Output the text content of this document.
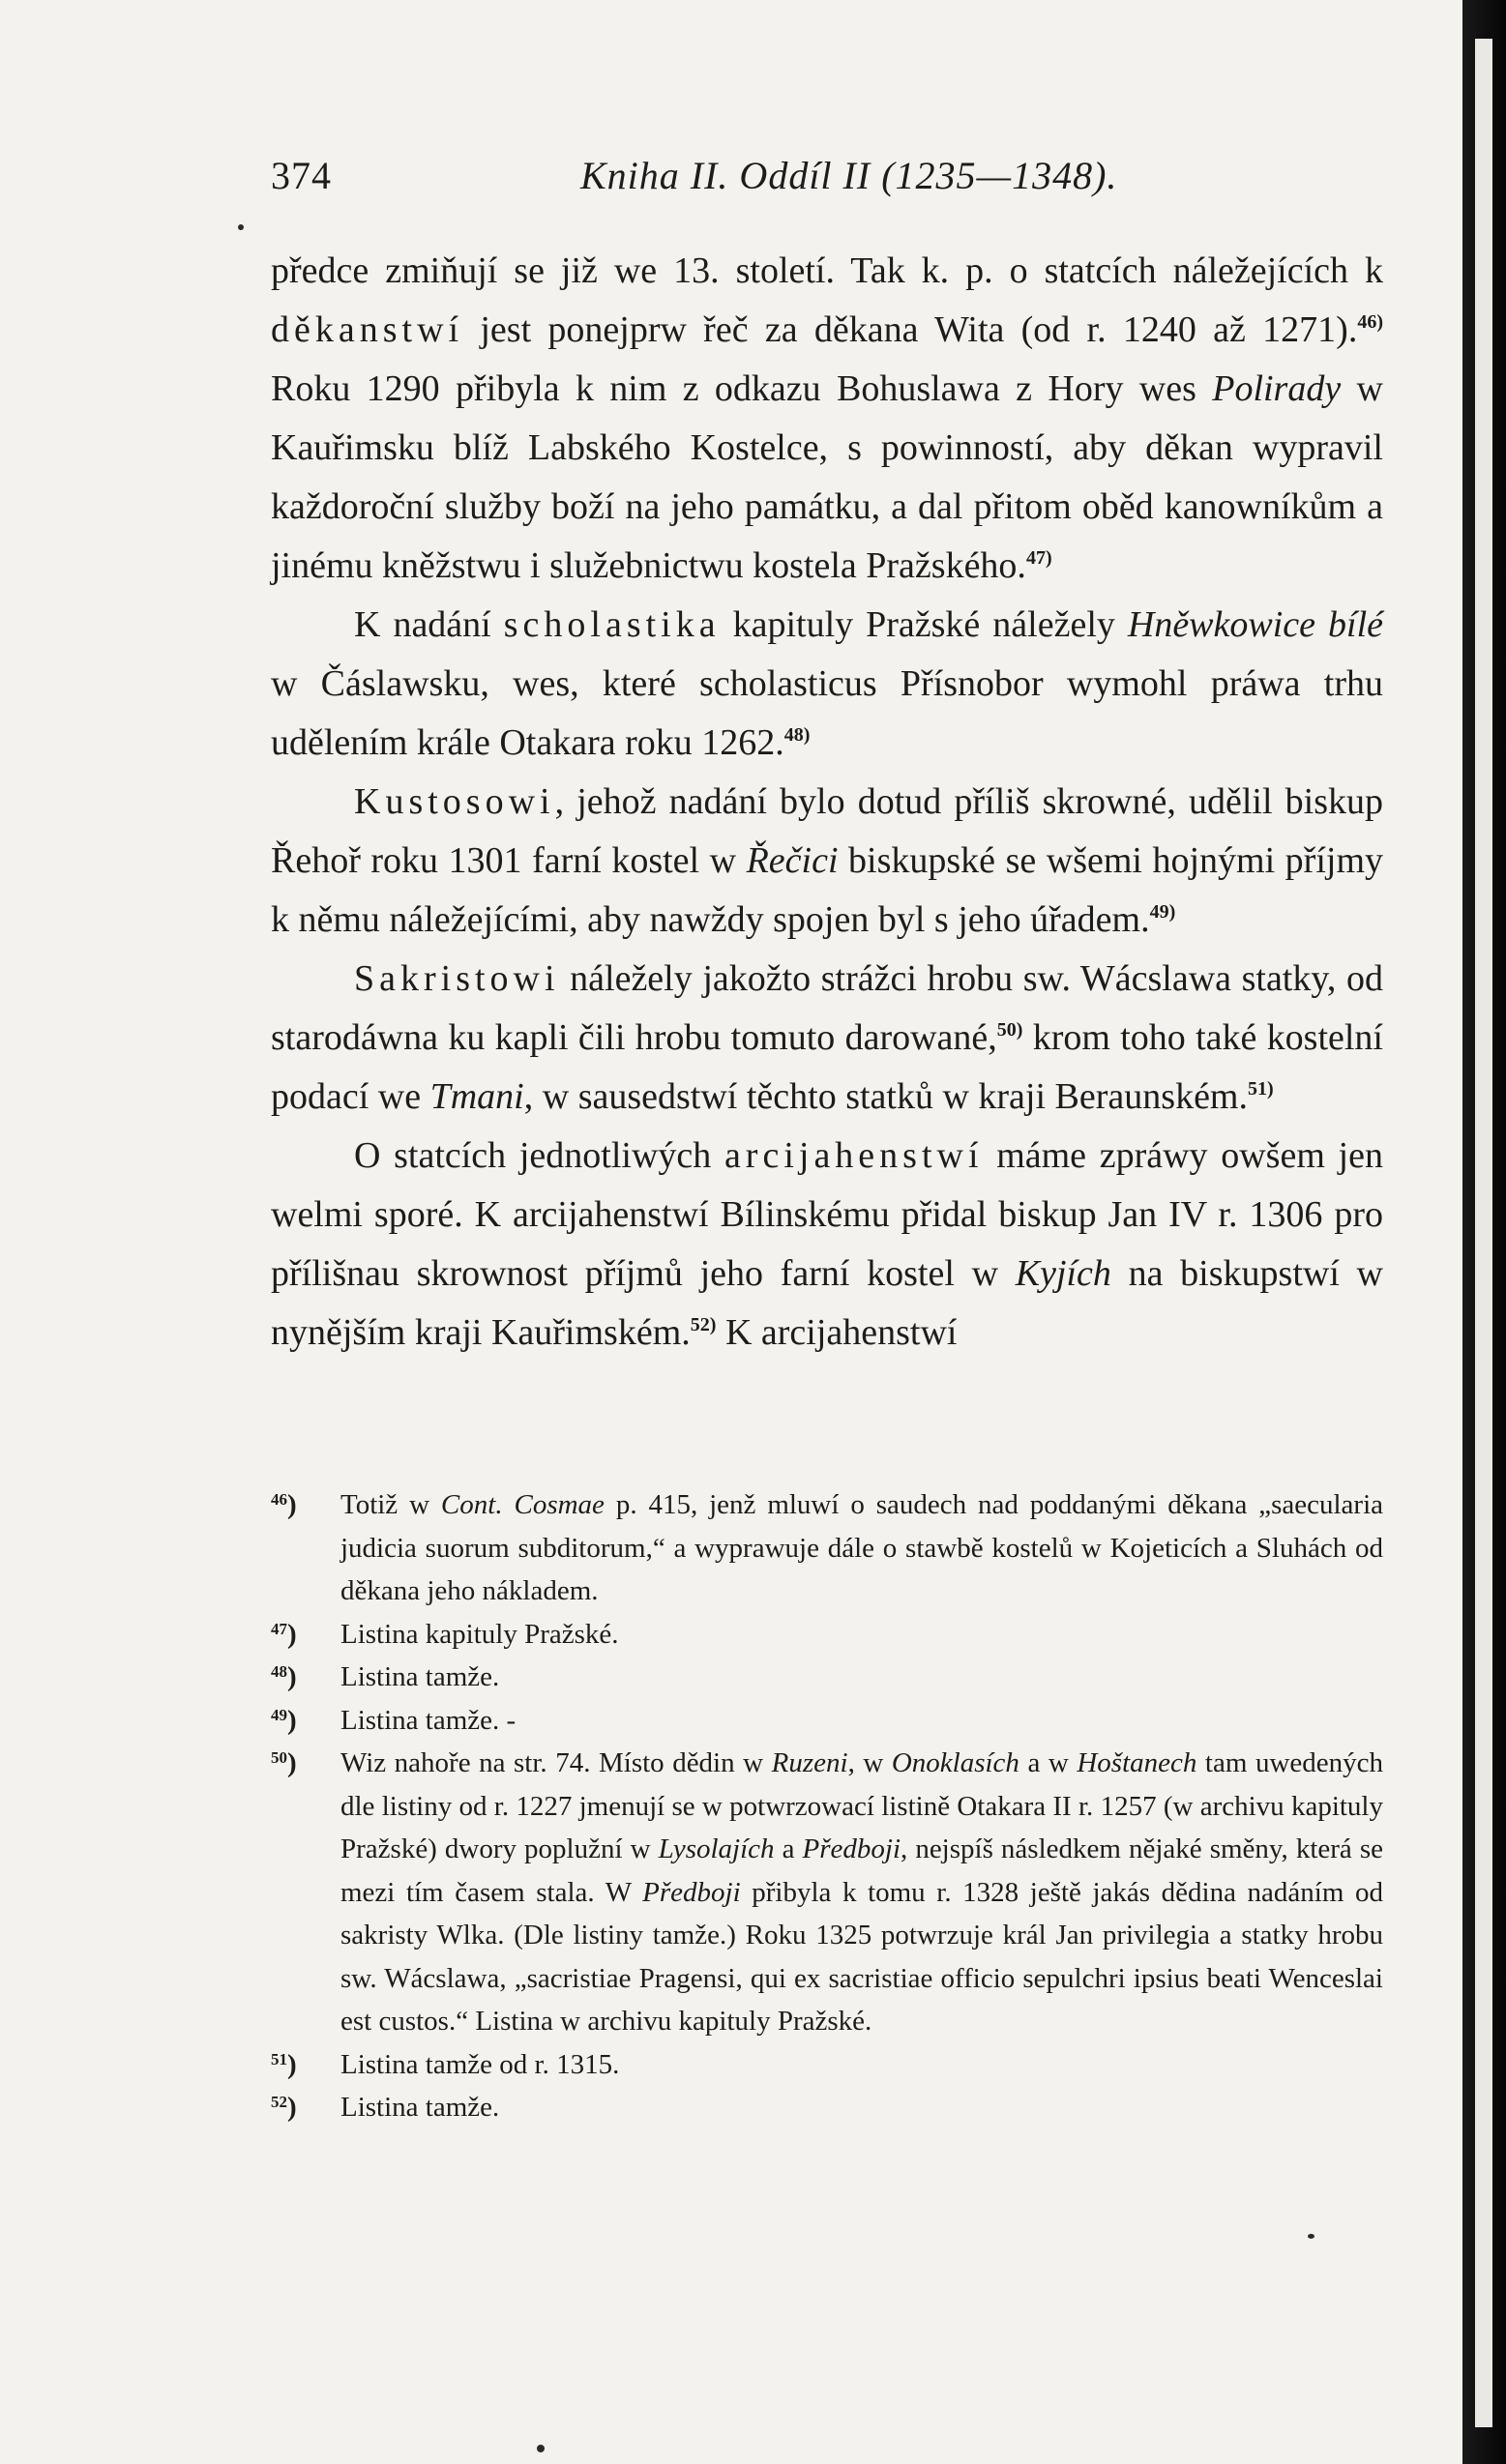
374	Kniha II. Oddíl II (1235—1348).

předce zmiňují se již we 13. století. Tak k. p. o statcích náležejících k děkanstwí jest ponejprw řeč za děkana Wita (od r. 1240 až 1271).$^{46)}$ Roku 1290 přibyla k nim z odkazu Bohuslawa z Hory wes Polirady w Kauřimsku blíž Labského Kostelce, s powinností, aby děkan wypravil každoroční služby boží na jeho památku, a dal přitom oběd kanowníkům a jinému kněžstwu i služebnictwu kostela Pražského.$^{47)}$

K nadání scholastika kapituly Pražské náležely Hněwkowice bílé w Čáslawsku, wes, které scholasticus Přísnobor wymohl práwa trhu udělením krále Otakara roku 1262.$^{48)}$

Kustosowi, jehož nadání bylo dotud příliš skrowné, udělil biskup Řehoř roku 1301 farní kostel w Řečici biskupské se wšemi hojnými příjmy k němu náležejícími, aby nawždy spojen byl s jeho úřadem.$^{49)}$

Sakristowi náležely jakožto strážci hrobu sw. Wácslawa statky, od starodáwna ku kapli čili hrobu tomuto darowané,$^{50)}$ krom toho také kostelní podací we Tmani, w sausedstwí těchto statků w kraji Beraunském.$^{51)}$

O statcích jednotliwých arcijahenstwí máme zpráwy owšem jen welmi sporé. K arcijahenstwí Bílinskému přidal biskup Jan IV r. 1306 pro přílišnau skrownost příjmů jeho farní kostel w Kyjích na biskupstwí w nynějším kraji Kauřimském.$^{52)}$ K arcijahenstwí

$^{46}$)	Totiž w Cont. Cosmae p. 415, jenž mluwí o saudech nad poddanými děkana „saecularia judicia suorum subditorum,“ a wyprawuje dále o stawbě kostelů w Kojeticích a Sluhách od děkana jeho nákladem.
$^{47}$)	Listina kapituly Pražské.
$^{48}$)	Listina tamže.
$^{49}$)	Listina tamže. -
$^{50}$)	Wiz nahoře na str. 74. Místo dědin w Ruzeni, w Onoklasích a w Hoštanech tam uwedených dle listiny od r. 1227 jmenují se w potwrzowací listině Otakara II r. 1257 (w archivu kapituly Pražské) dwory poplužní w Lysolajích a Předboji, nejspíš následkem nějaké směny, která se mezi tím časem stala. W Předboji přibyla k tomu r. 1328 ještě jakás dědina nadáním od sakristy Wlka. (Dle listiny tamže.) Roku 1325 potwrzuje král Jan privilegia a statky hrobu sw. Wácslawa, „sacristiae Pragensi, qui ex sacristiae officio sepulchri ipsius beati Wenceslai est custos.“ Listina w archivu kapituly Pražské.
$^{51}$)	Listina tamže od r. 1315.
$^{52}$)	Listina tamže.
